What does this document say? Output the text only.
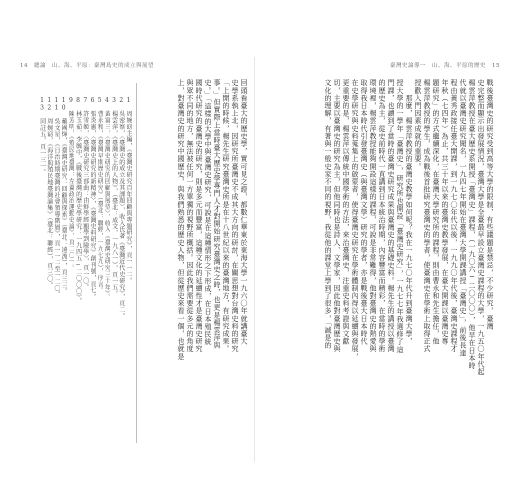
14　總論　山、海、平原：臺灣島史的成立與展望
回頭看臺大的歷史學，實可見之證，都數仁華東於東海大學一九六〇年就講臺大
史學系執上北，因研究所臺灣史不成其大方向的研討，在關思想對台灣史料的研究
「上開的時候，楊先生研究臺灣史所是在十八世紀以來的臺灣地方，有研究成果。
事。」但實際上當時臺大歷史學專門人才對開始研究臺灣史之時，也更是楊雲萍與
史。」「這樣的大學中與臺灣史研究，可說是在這種情形之下形成，在日本殖民統
國時代研究的臺灣史的研究，則是多元而豐富，這種文化的延續性才是臺灣史研究
與眾不同的地方，無法被任何一方單獨的視野所概括。因此我們需要從多元的角度
上，對臺灣史的研究中國歷史，與我們熟悉的歷史人物，但從歷史來看一個，也就是
1　周婉窈主編，《臺灣史研究百年回顧與專題研究》，頁一一二。
2　吳密察，〈臺灣史的成立及其課題〉，收入氏著《臺灣近代史研究》，頁二。
3　楊雲萍，《臺灣史上的人物》，（臺北：成文，一九八一），頁一五。
4　黃富三，〈臺灣史研究的回顧與展望〉，收入《臺灣史研究三十年》。
5　曹永和，《臺灣早期歷史研究》（臺北：聯經，一九七九），序言。
6　張炎憲，〈臺灣史研究的新精神〉，《臺灣史料研究》創刊號，頁七。
7　許雪姬，〈臺灣史研究三部曲：由鮮學經顯學到險學〉，頁一〇。
8　林玉茹、李毓中，《戰後臺灣的歷史學研究：一九四五─二〇〇〇》。
9　陳芳明，《殖民地臺灣：左翼政治運動史論》，頁二〇一。
10　戴國煇，《臺灣史研究：回顧與探索》（臺北：遠流），頁三三。
11　吳文星，《日治時期臺灣的社會領導階層》，頁一一二至一二〇。
12　周婉窈，《海洋與殖民地臺灣論集》（臺北：聯經），頁三〇。
13　同註五，頁一三一。
臺灣史論導一　山、海、平原的歷史　15
戰後臺灣史的研究受到高等大學的限制，有些議題是禁忌，不少研究，臺灣
史完整而顯示出發展情況，臺灣大學是全臺最早設立臺灣史課程的大學，一九五〇年代起
楊雲萍教授在臺大歷史系開授「臺灣史」課程，（一九〇六─二〇〇〇），他早在日本時
代就以臺灣史研究聞名，一九四七年開始在臺灣大學開課講授「臺灣史」，前後長達
程由黃秀政接任臺大開課，到一九七〇年代以後，一九九〇年代後，臺灣史課程才
年秋（七四年）為止，共三十年以來的臺灣史教學發展，在臺大開課以臺灣史專
題研究」的方式繼續深化，在臺灣大學研究所的課程，則由曹永和先生擔任，他
楊雲萍教授的學生，成為戰後首批研究臺灣史的學者，使臺灣史在學術上取得正式
授歡入門因素成就的重要。
　　那麼，楊雲萍教授的臺灣史教學如何呢？我在一九七〇年代升到臺灣大學，
授大學的一學年「臺灣史」，研究所也開設「臺灣史研究」，一九七七年我選修了這
門課，也讀到了當時的臺灣史研究成果與臺灣史的基礎史料。楊先生的講授以臺灣
的歷史為主，從史前時代一直講到日本統治時期，內容豐富而精彩，在當時的學術
環境裡，楊雲萍教授能夠開設這樣的課程，可說是非常難得，他對臺灣史的熱愛與
取得我日本時代引發臺灣史（與臺灣文學）研究的學者，亦是戰後臺大日本時代
在史學研究與史料蒐集上的啟蒙者，使得臺灣史研究在學術體制內得以延續與發展，
更重要的是，楊雲萍以傳統中國學術的方法，來治臺灣史，注重史料考證與文獻
切，主要以臺灣史的研究為主，但他同時也是詩人、文學家，因此他對臺灣歷史與
文化的理解，有著與一般史家不同的視野，我從他的課堂上學到了很多，「誠是的
